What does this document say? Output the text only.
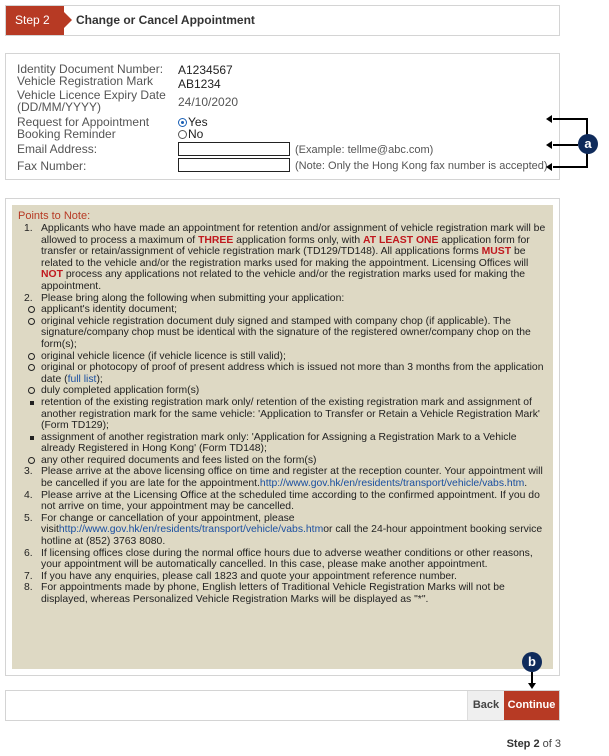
Step 2	Change or Cancel Appointment
Identity Document Number: A1234567
Vehicle Registration Mark AB1234
Vehicle Licence Expiry Date
(DD/MM/YYYY)	24/10/2020
Request for Appointment
Booking Reminder
Yes
No
Email Address:	(Example: tellme@abc.com)
Fax Number:	(Note: Only the Hong Kong fax number is accepted)
a
Points to Note:
1. Applicants who have made an appointment for retention and/or assignment of vehicle registration mark will be allowed to process a maximum of THREE application forms only, with AT LEAST ONE application form for transfer or retain/assignment of vehicle registration mark (TD129/TD148). All applications forms MUST be related to the vehicle and/or the registration marks used for making the appointment. Licensing Offices will NOT process any applications not related to the vehicle and/or the registration marks used for making the appointment.
2. Please bring along the following when submitting your application:
applicant's identity document;
original vehicle registration document duly signed and stamped with company chop (if applicable). The signature/company chop must be identical with the signature of the registered owner/company chop on the form(s);
original vehicle licence (if vehicle licence is still valid);
original or photocopy of proof of present address which is issued not more than 3 months from the application date (full list);
duly completed application form(s)
retention of the existing registration mark only/ retention of the existing registration mark and assignment of another registration mark for the same vehicle: 'Application to Transfer or Retain a Vehicle Registration Mark' (Form TD129);
assignment of another registration mark only: 'Application for Assigning a Registration Mark to a Vehicle already Registered in Hong Kong' (Form TD148);
any other required documents and fees listed on the form(s)
3. Please arrive at the above licensing office on time and register at the reception counter. Your appointment will be cancelled if you are late for the appointment.http://www.gov.hk/en/residents/transport/vehicle/vabs.htm.
4. Please arrive at the Licensing Office at the scheduled time according to the confirmed appointment. If you do not arrive on time, your appointment may be cancelled.
5. For change or cancellation of your appointment, please visithttp://www.gov.hk/en/residents/transport/vehicle/vabs.htmor call the 24-hour appointment booking service hotline at (852) 3763 8080.
6. If licensing offices close during the normal office hours due to adverse weather conditions or other reasons, your appointment will be automatically cancelled. In this case, please make another appointment.
7. If you have any enquiries, please call 1823 and quote your appointment reference number.
8. For appointments made by phone, English letters of Traditional Vehicle Registration Marks will not be displayed, whereas Personalized Vehicle Registration Marks will be displayed as "*".
b
Back Continue
Step 2 of 3
